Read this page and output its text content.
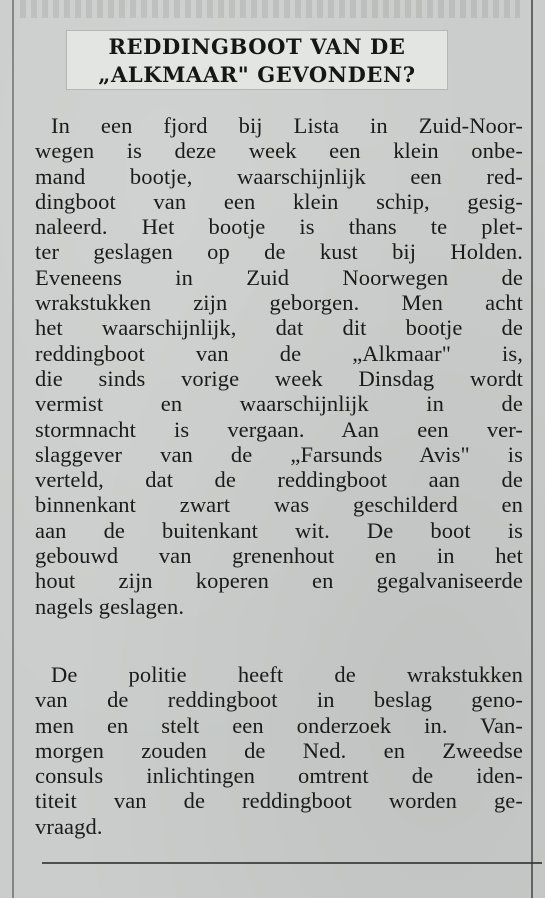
REDDINGBOOT VAN DE
„ALKMAAR" GEVONDEN?
In een fjord bij Lista in Zuid-Noor-
wegen is deze week een klein onbe-
mand bootje, waarschijnlijk een red-
dingboot van een klein schip, gesig-
naleerd. Het bootje is thans te plet-
ter geslagen op de kust bij Holden.
Eveneens in Zuid Noorwegen de
wrakstukken zijn geborgen. Men acht
het waarschijnlijk, dat dit bootje de
reddingboot van de „Alkmaar" is,
die sinds vorige week Dinsdag wordt
vermist en waarschijnlijk in de
stormnacht is vergaan. Aan een ver-
slaggever van de „Farsunds Avis" is
verteld, dat de reddingboot aan de
binnenkant zwart was geschilderd en
aan de buitenkant wit. De boot is
gebouwd van grenenhout en in het
hout zijn koperen en gegalvaniseerde
nagels geslagen.
De politie heeft de wrakstukken
van de reddingboot in beslag geno-
men en stelt een onderzoek in. Van-
morgen zouden de Ned. en Zweedse
consuls inlichtingen omtrent de iden-
titeit van de reddingboot worden ge-
vraagd.
